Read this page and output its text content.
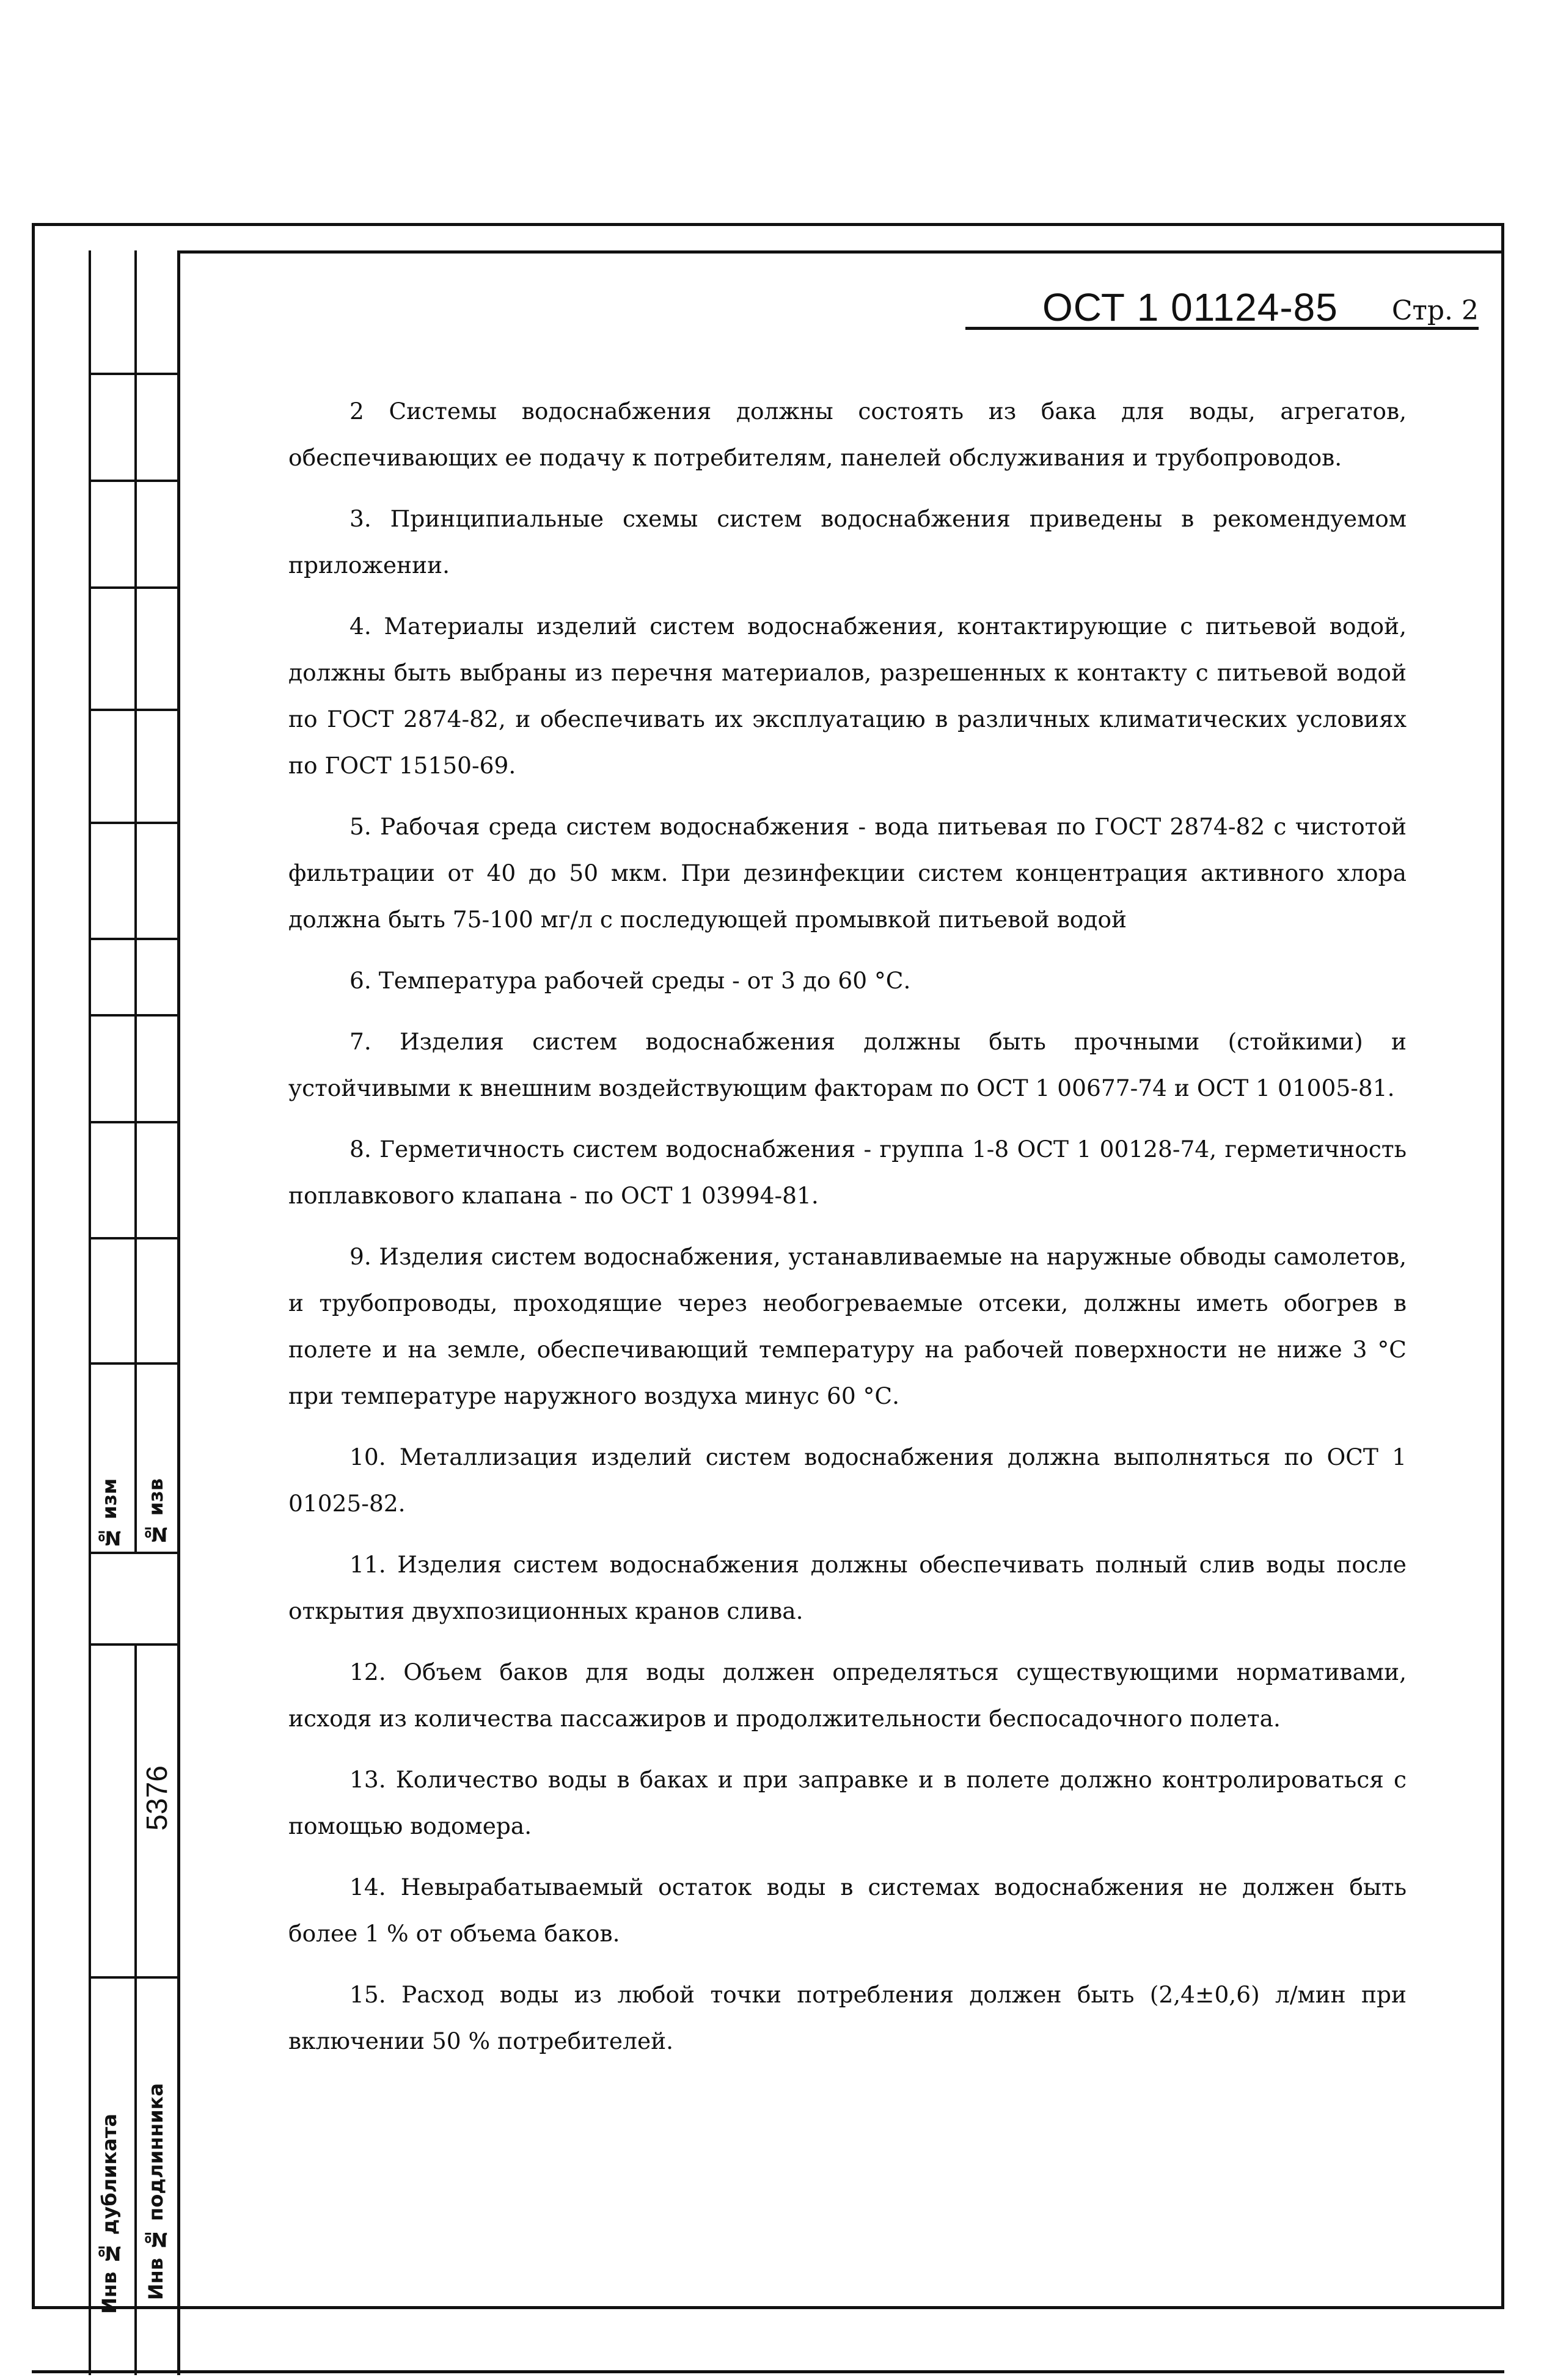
№ изм № изв
5376
Инв № дубликата Инв № подлинника
ОСТ 1 01124-85 Стр. 2

2 Системы водоснабжения должны состоять из бака для воды, агрегатов, обеспечивающих ее подачу к потребителям, панелей обслуживания и трубопроводов.

3. Принципиальные схемы систем водоснабжения приведены в рекомендуемом приложении.

4. Материалы изделий систем водоснабжения, контактирующие с питьевой водой, должны быть выбраны из перечня материалов, разрешенных к контакту с питьевой водой по ГОСТ 2874-82, и обеспечивать их эксплуатацию в различных климатических условиях по ГОСТ 15150-69.

5. Рабочая среда систем водоснабжения - вода питьевая по ГОСТ 2874-82 с чистотой фильтрации от 40 до 50 мкм. При дезинфекции систем концентрация активного хлора должна быть 75-100 мг/л с последующей промывкой питьевой водой

6. Температура рабочей среды - от 3 до 60 °С.

7. Изделия систем водоснабжения должны быть прочными (стойкими) и устойчивыми к внешним воздействующим факторам по ОСТ 1 00677-74 и ОСТ 1 01005-81.

8. Герметичность систем водоснабжения - группа 1-8 ОСТ 1 00128-74, герметичность поплавкового клапана - по ОСТ 1 03994-81.

9. Изделия систем водоснабжения, устанавливаемые на наружные обводы самолетов, и трубопроводы, проходящие через необогреваемые отсеки, должны иметь обогрев в полете и на земле, обеспечивающий температуру на рабочей поверхности не ниже 3 °С при температуре наружного воздуха минус 60 °С.

10. Металлизация изделий систем водоснабжения должна выполняться по ОСТ 1 01025-82.

11. Изделия систем водоснабжения должны обеспечивать полный слив воды после открытия двухпозиционных кранов слива.

12. Объем баков для воды должен определяться существующими нормативами, исходя из количества пассажиров и продолжительности беспосадочного полета.

13. Количество воды в баках и при заправке и в полете должно контролироваться с помощью водомера.

14. Невырабатываемый остаток воды в системах водоснабжения не должен быть более 1 % от объема баков.

15. Расход воды из любой точки потребления должен быть (2,4±0,6) л/мин при включении 50 % потребителей.
